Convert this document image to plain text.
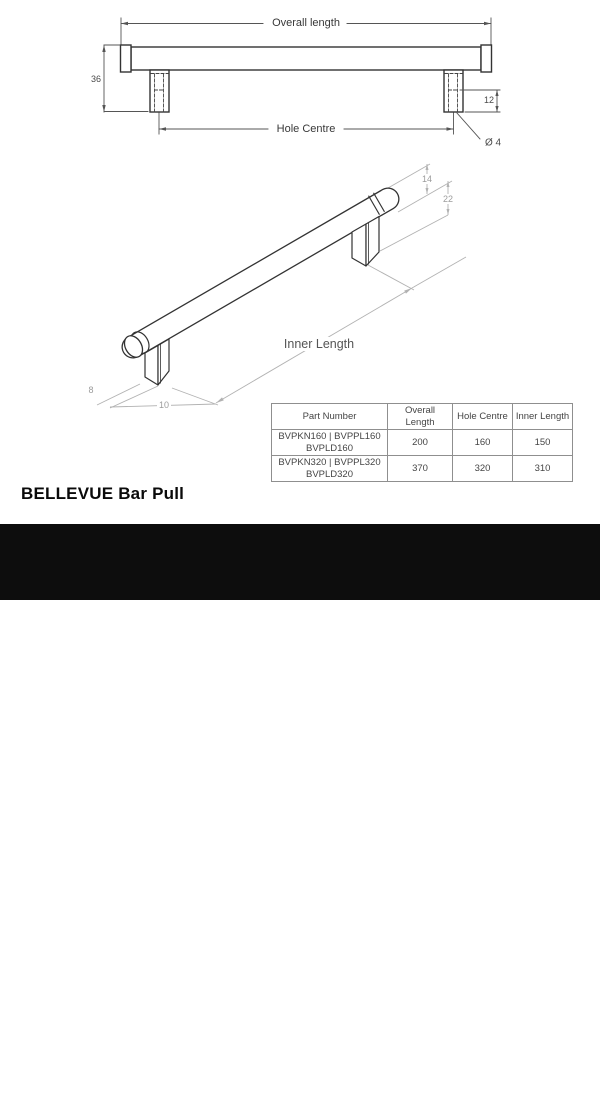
Overall length
36
Hole Centre
12
Ø 4
14
22
Inner Length
8
10
Part Number	Overall Length	Hole Centre	Inner Length
BVPKN160 | BVPPL160
BVPLD160	200	160	150
BVPKN320 | BVPPL320
BVPLD320	370	320	310
BELLEVUE Bar Pull
BUILDMAT	MOMO
HANDLES
